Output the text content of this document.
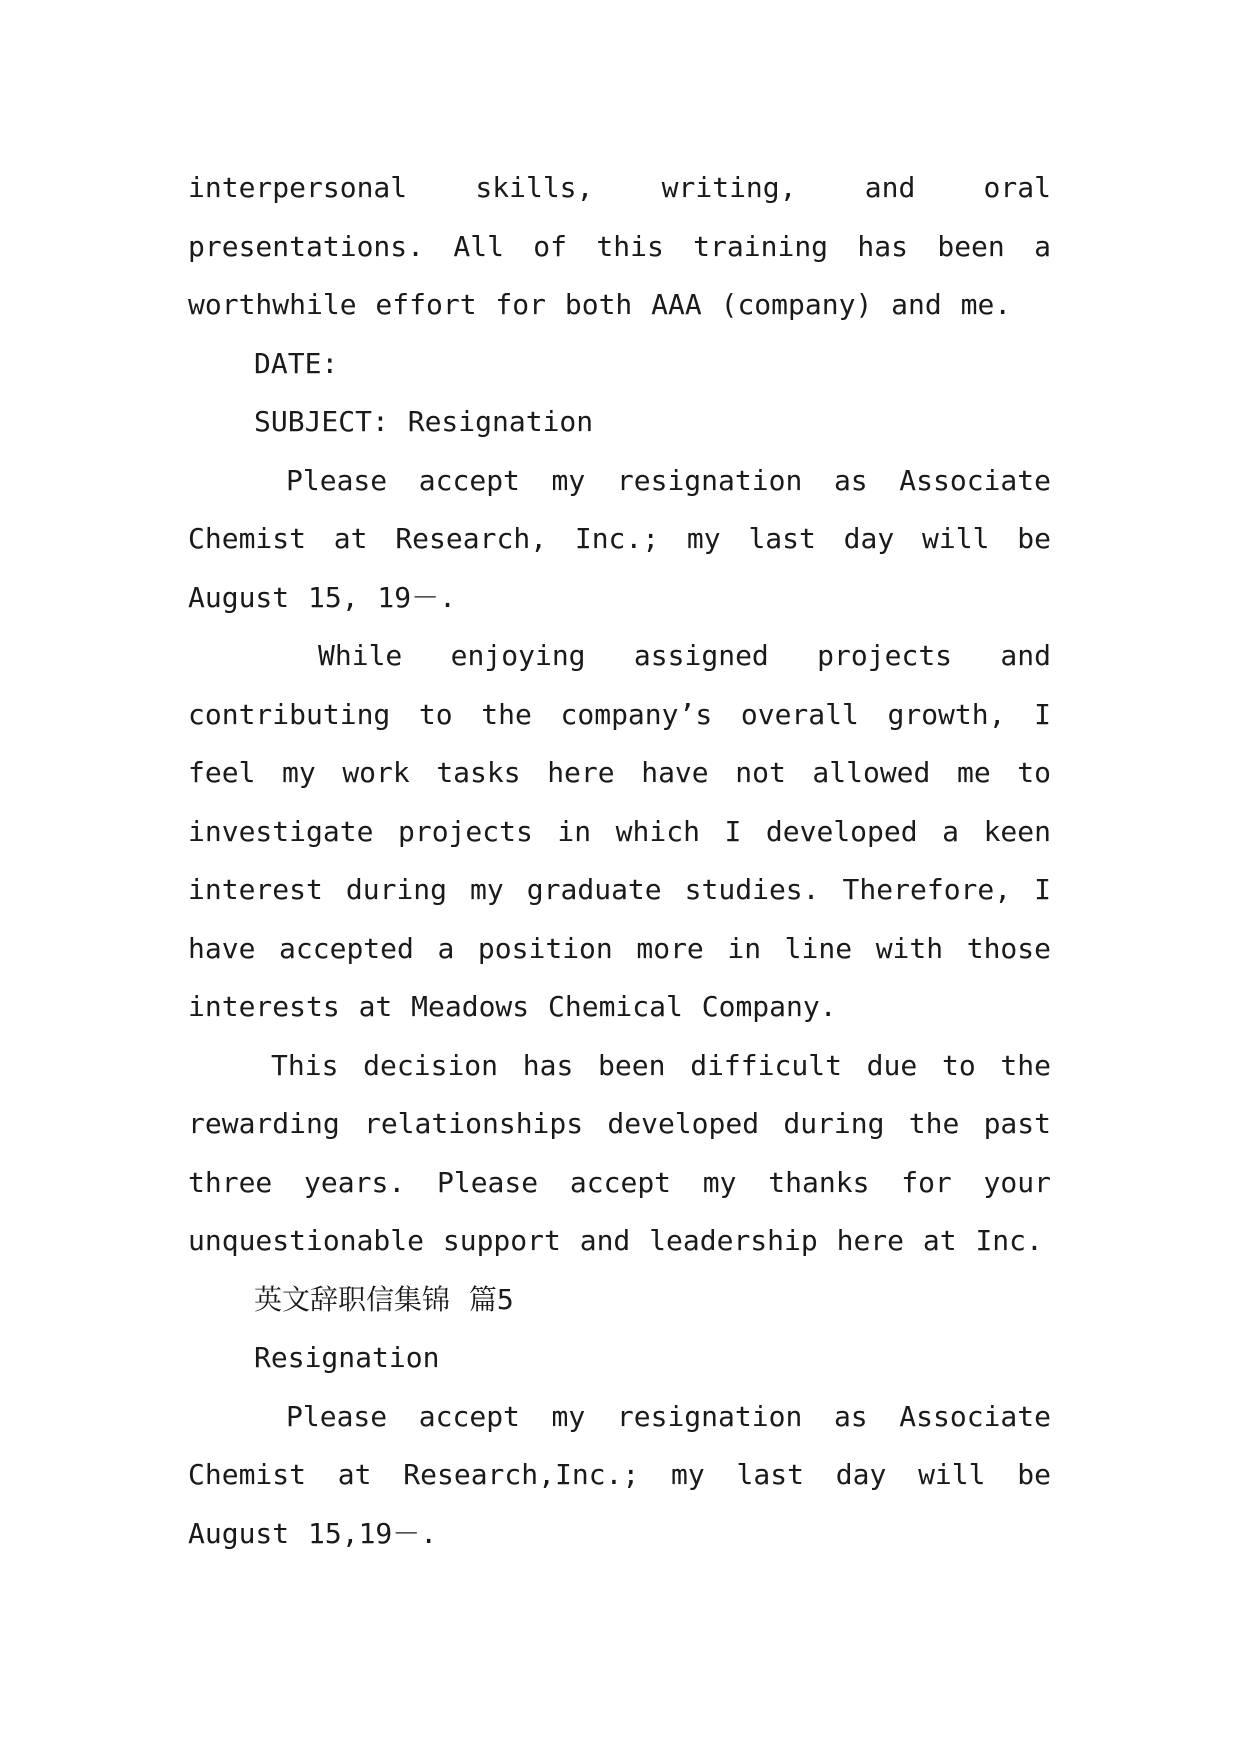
interpersonal skills, writing, and oral presentations. All of this training has been a worthwhile effort for both AAA (company) and me.

DATE:

SUBJECT: Resignation

Please accept my resignation as Associate Chemist at Research, Inc.; my last day will be August 15, 19－.

While enjoying assigned projects and contributing to the company’s overall growth, I feel my work tasks here have not allowed me to investigate projects in which I developed a keen interest during my graduate studies. Therefore, I have accepted a position more in line with those interests at Meadows Chemical Company.

This decision has been difficult due to the rewarding relationships developed during the past three years. Please accept my thanks for your unquestionable support and leadership here at Inc.

英文辞职信集锦 篇5

Resignation

Please accept my resignation as Associate Chemist at Research,Inc.; my last day will be August 15,19－.
